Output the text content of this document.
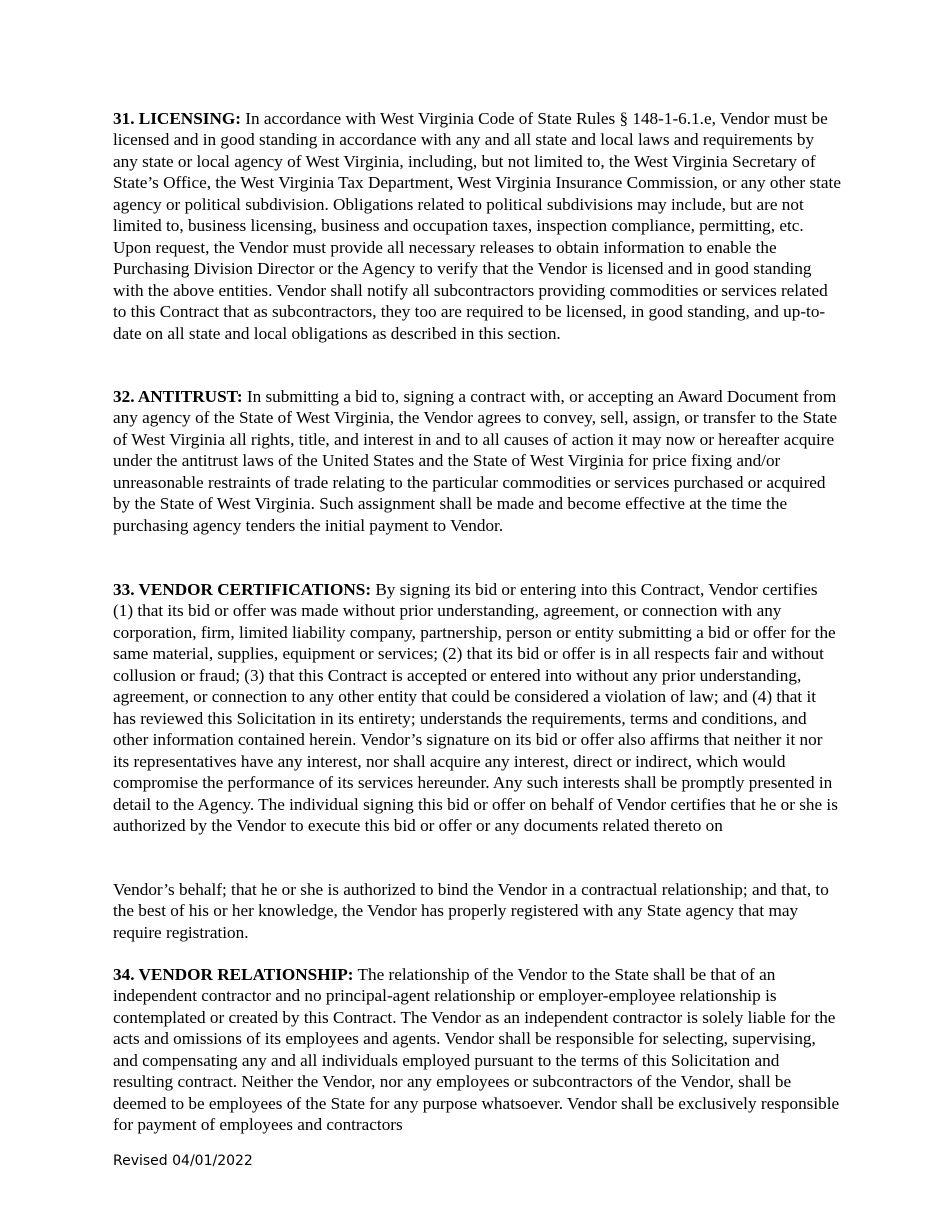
31. LICENSING: In accordance with West Virginia Code of State Rules § 148-1-6.1.e, Vendor must be licensed and in good standing in accordance with any and all state and local laws and requirements by any state or local agency of West Virginia, including, but not limited to, the West Virginia Secretary of State’s Office, the West Virginia Tax Department, West Virginia Insurance Commission, or any other state agency or political subdivision. Obligations related to political subdivisions may include, but are not limited to, business licensing, business and occupation taxes, inspection compliance, permitting, etc. Upon request, the Vendor must provide all necessary releases to obtain information to enable the Purchasing Division Director or the Agency to verify that the Vendor is licensed and in good standing with the above entities. Vendor shall notify all subcontractors providing commodities or services related to this Contract that as subcontractors, they too are required to be licensed, in good standing, and up-to-date on all state and local obligations as described in this section.

32. ANTITRUST: In submitting a bid to, signing a contract with, or accepting an Award Document from any agency of the State of West Virginia, the Vendor agrees to convey, sell, assign, or transfer to the State of West Virginia all rights, title, and interest in and to all causes of action it may now or hereafter acquire under the antitrust laws of the United States and the State of West Virginia for price fixing and/or unreasonable restraints of trade relating to the particular commodities or services purchased or acquired by the State of West Virginia. Such assignment shall be made and become effective at the time the purchasing agency tenders the initial payment to Vendor.

33. VENDOR CERTIFICATIONS: By signing its bid or entering into this Contract, Vendor certifies (1) that its bid or offer was made without prior understanding, agreement, or connection with any corporation, firm, limited liability company, partnership, person or entity submitting a bid or offer for the same material, supplies, equipment or services; (2) that its bid or offer is in all respects fair and without collusion or fraud; (3) that this Contract is accepted or entered into without any prior understanding, agreement, or connection to any other entity that could be considered a violation of law; and (4) that it has reviewed this Solicitation in its entirety; understands the requirements, terms and conditions, and other information contained herein. Vendor’s signature on its bid or offer also affirms that neither it nor its representatives have any interest, nor shall acquire any interest, direct or indirect, which would compromise the performance of its services hereunder. Any such interests shall be promptly presented in detail to the Agency. The individual signing this bid or offer on behalf of Vendor certifies that he or she is authorized by the Vendor to execute this bid or offer or any documents related thereto on

Vendor’s behalf; that he or she is authorized to bind the Vendor in a contractual relationship; and that, to the best of his or her knowledge, the Vendor has properly registered with any State agency that may require registration.

34. VENDOR RELATIONSHIP: The relationship of the Vendor to the State shall be that of an independent contractor and no principal-agent relationship or employer-employee relationship is contemplated or created by this Contract. The Vendor as an independent contractor is solely liable for the acts and omissions of its employees and agents. Vendor shall be responsible for selecting, supervising, and compensating any and all individuals employed pursuant to the terms of this Solicitation and resulting contract. Neither the Vendor, nor any employees or subcontractors of the Vendor, shall be deemed to be employees of the State for any purpose whatsoever. Vendor shall be exclusively responsible for payment of employees and contractors

Revised 04/01/2022
